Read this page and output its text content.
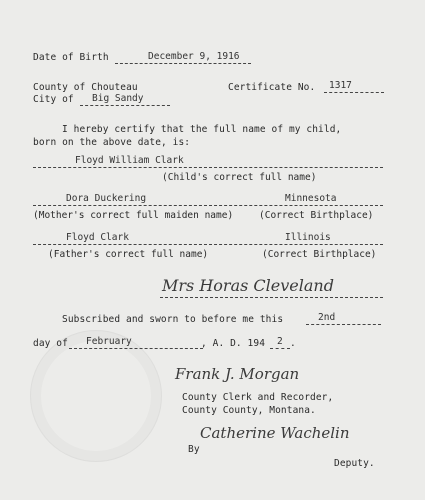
Date of Birth	December 9, 1916
County of Chouteau	Certificate No. 1317
City of Big Sandy
I hereby certify that the full name of my child,
born on the above date, is:
Floyd William Clark
(Child's correct full name)
Dora Duckering	Minnesota
(Mother's correct full maiden name)	(Correct Birthplace)
Floyd Clark	Illinois
(Father's correct full name)	(Correct Birthplace)
Mrs Horas Cleveland
Subscribed and sworn to before me this	2nd
day of February	, A. D. 194 2 .
Frank J. Morgan
County Clerk and Recorder,
County County, Montana.
Catherine Wachelin
By
Deputy.
